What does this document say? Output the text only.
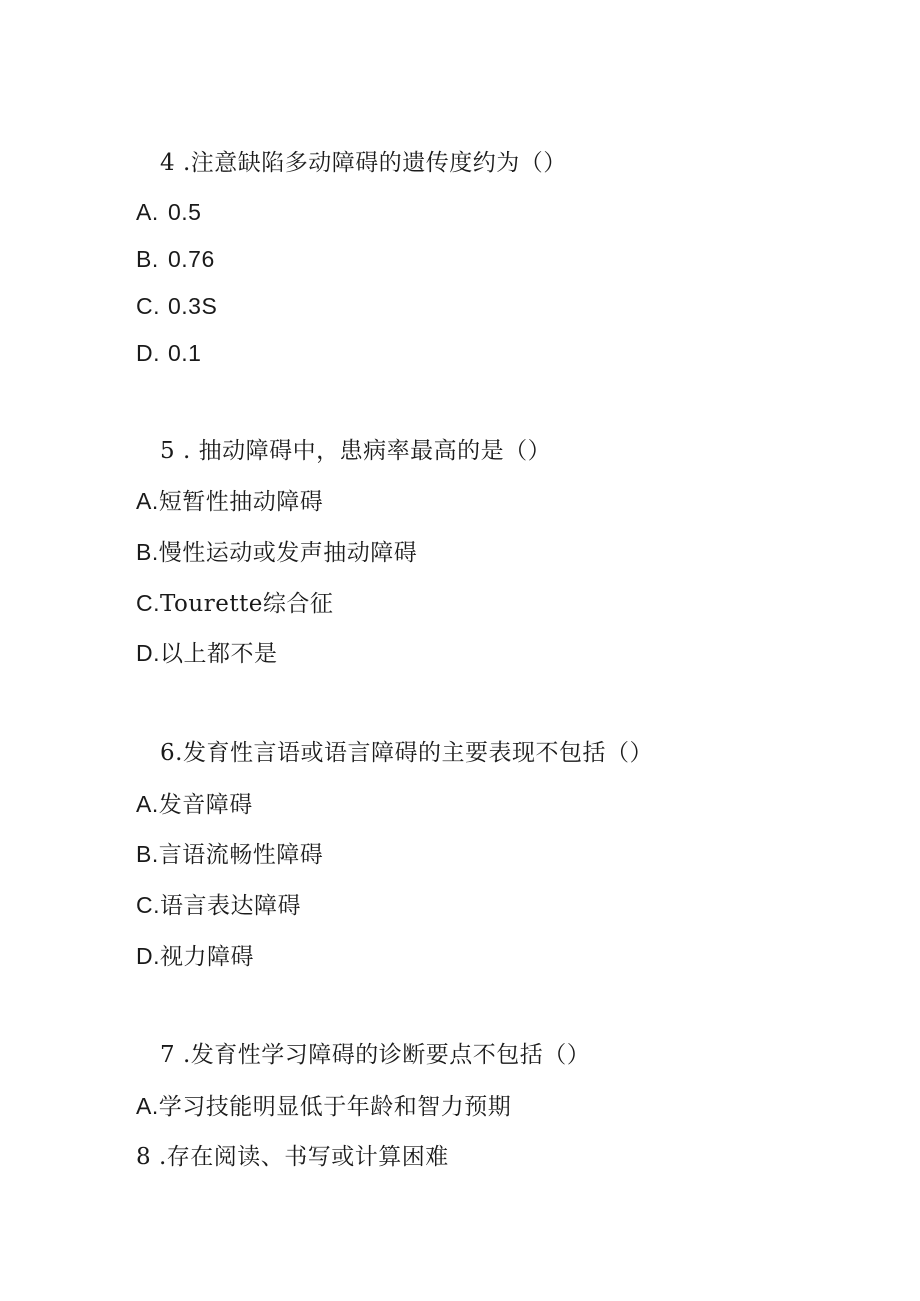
4 .注意缺陷多动障碍的遗传度约为（）
A. 0.5
B. 0.76
C. 0.3S
D. 0.1
5 . 抽动障碍中，患病率最高的是（）
A.短暂性抽动障碍
B.慢性运动或发声抽动障碍
C.Tourette综合征
D.以上都不是
6.发育性言语或语言障碍的主要表现不包括（）
A.发音障碍
B.言语流畅性障碍
C.语言表达障碍
D.视力障碍
7 .发育性学习障碍的诊断要点不包括（）
A.学习技能明显低于年龄和智力预期
8 .存在阅读、书写或计算困难
